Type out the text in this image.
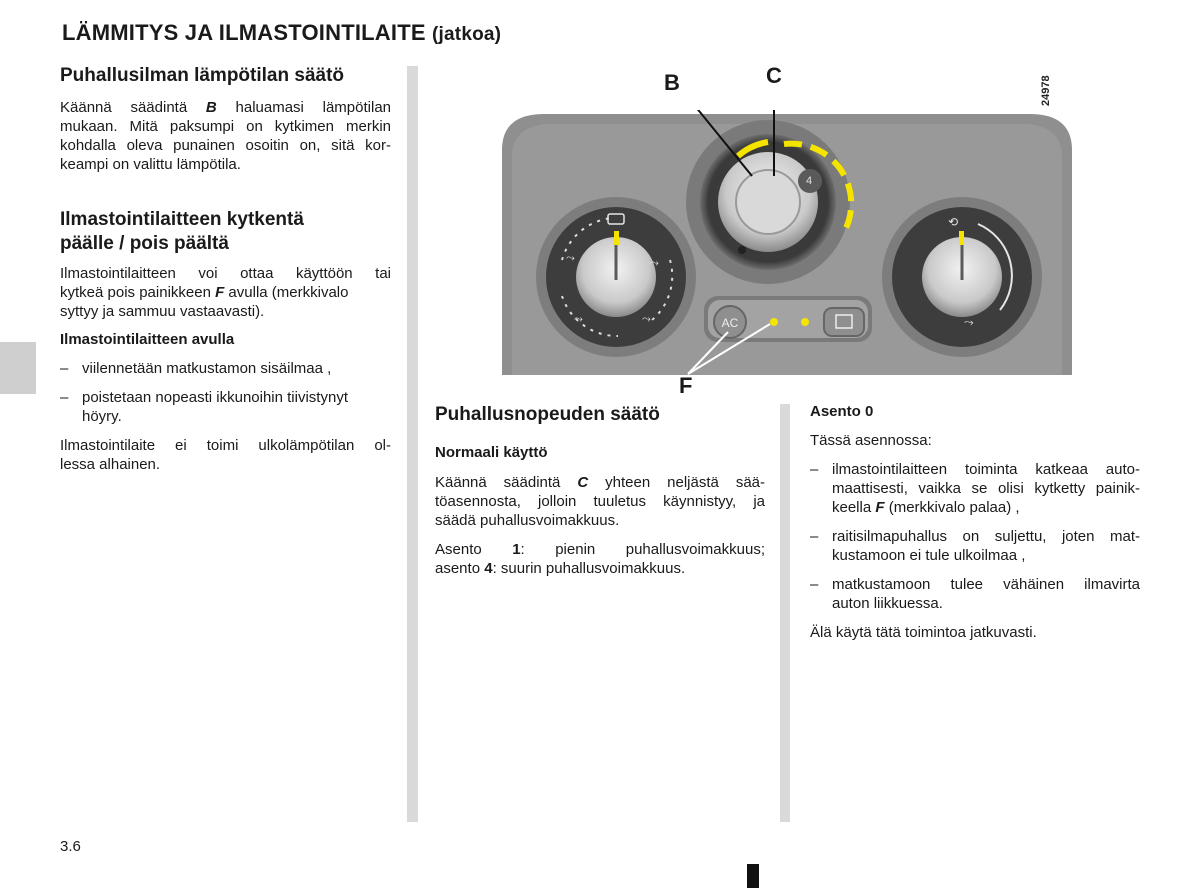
LÄMMITYS JA ILMASTOINTILAITE (jatkoa)
Puhallusilman lämpötilan säätö

Käännä säädintä B haluamasi lämpötilan

mukaan. Mitä paksumpi on kytkimen merkin

kohdalla oleva punainen osoitin on, sitä kor-

keampi on valittu lämpötila.

Ilmastointilaitteen kytkentä
päälle / pois päältä

Ilmastointilaitteen voi ottaa käyttöön tai

kytkeä pois painikkeen F avulla (merkkivalo

syttyy ja sammuu vastaavasti).

Ilmastointilaitteen avulla
– viilennetään matkustamon sisäilmaa ,
– poistetaan nopeasti ikkunoihin tiivistynyt
höyry.

Ilmastointilaite ei toimi ulkolämpötilan ol-

lessa alhainen.

⤳	⤳
⤳	⤳
⟲
⤳
AC
B	C
F
24978
4
Puhallusnopeuden säätö
Normaali käyttö

Käännä säädintä C yhteen neljästä sää-

töasennosta, jolloin tuuletus käynnistyy, ja

säädä puhallusvoimakkuus.

Asento 1: pienin puhallusvoimakkuus;

asento 4: suurin puhallusvoimakkuus.

Asento 0
Tässä asennossa:
– ilmastointilaitteen toiminta katkeaa auto-
maattisesti, vaikka se olisi kytketty painik-
keella F (merkkivalo palaa) ,
– raitisilmapuhallus on suljettu, joten mat-
kustamoon ei tule ulkoilmaa ,
– matkustamoon tulee vähäinen ilmavirta
auton liikkuessa.
Älä käytä tätä toimintoa jatkuvasti.
3.6
